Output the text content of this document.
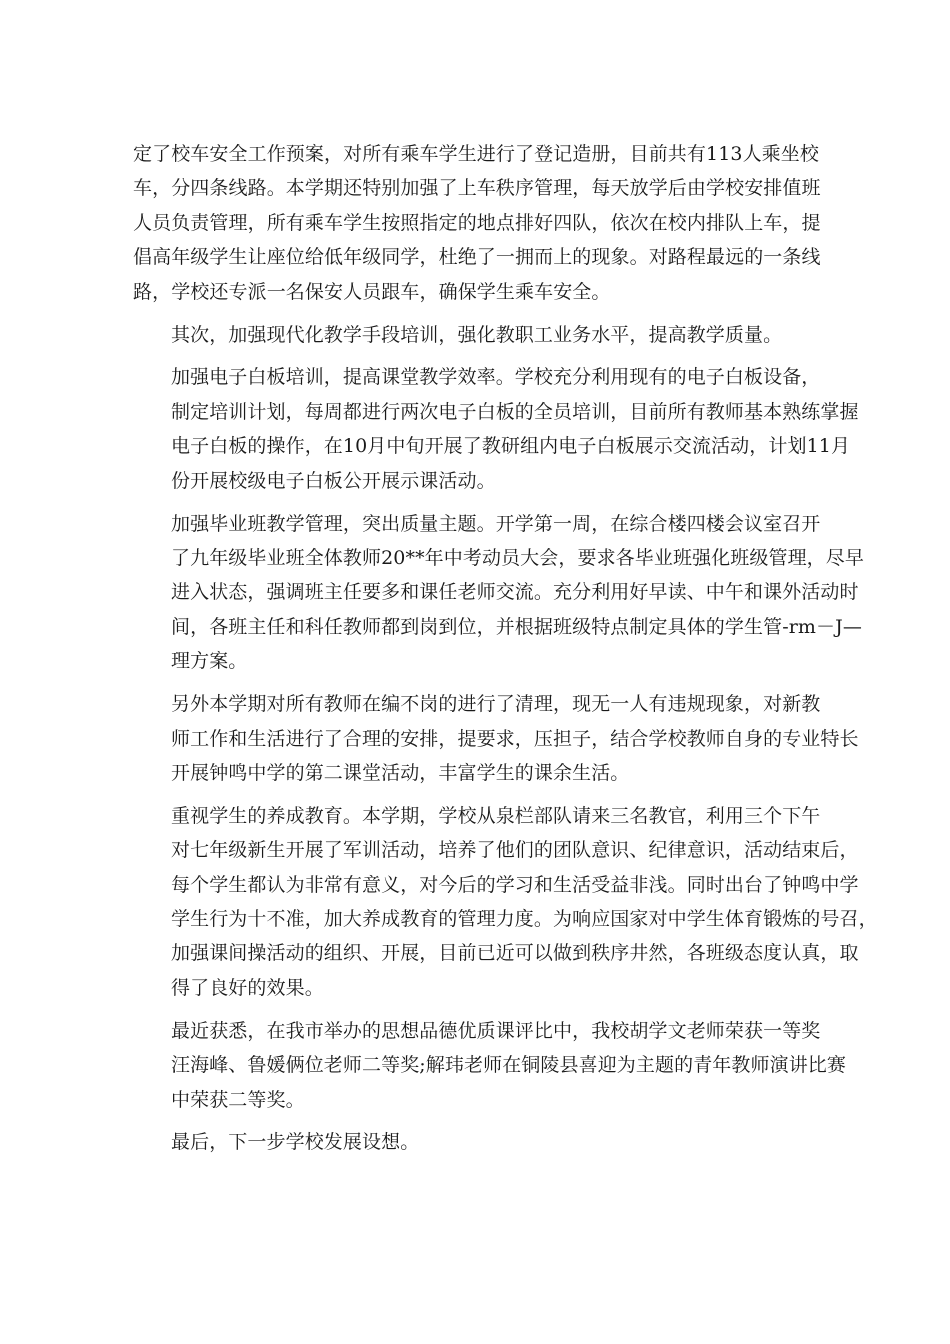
定了校车安全工作预案，对所有乘车学生进行了登记造册，目前共有113人乘坐校
车，分四条线路。本学期还特别加强了上车秩序管理，每天放学后由学校安排值班
人员负责管理，所有乘车学生按照指定的地点排好四队，依次在校内排队上车，提
倡高年级学生让座位给低年级同学，杜绝了一拥而上的现象。对路程最远的一条线
路，学校还专派一名保安人员跟车，确保学生乘车安全。

其次，加强现代化教学手段培训，强化教职工业务水平，提高教学质量。

加强电子白板培训，提高课堂教学效率。学校充分利用现有的电子白板设备，
制定培训计划，每周都进行两次电子白板的全员培训，目前所有教师基本熟练掌握
电子白板的操作，在10月中旬开展了教研组内电子白板展示交流活动，计划11月
份开展校级电子白板公开展示课活动。

加强毕业班教学管理，突出质量主题。开学第一周，在综合楼四楼会议室召开
了九年级毕业班全体教师20**年中考动员大会，要求各毕业班强化班级管理，尽早
进入状态，强调班主任要多和课任老师交流。充分利用好早读、中午和课外活动时
间，各班主任和科任教师都到岗到位，并根据班级特点制定具体的学生管-rm－J—
理方案。

另外本学期对所有教师在编不岗的进行了清理，现无一人有违规现象，对新教
师工作和生活进行了合理的安排，提要求，压担子，结合学校教师自身的专业特长
开展钟鸣中学的第二课堂活动，丰富学生的课余生活。

重视学生的养成教育。本学期，学校从泉栏部队请来三名教官，利用三个下午
对七年级新生开展了军训活动，培养了他们的团队意识、纪律意识，活动结束后，
每个学生都认为非常有意义，对今后的学习和生活受益非浅。同时出台了钟鸣中学
学生行为十不准，加大养成教育的管理力度。为响应国家对中学生体育锻炼的号召，
加强课间操活动的组织、开展，目前已近可以做到秩序井然，各班级态度认真，取
得了良好的效果。

最近获悉，在我市举办的思想品德优质课评比中，我校胡学文老师荣获一等奖
汪海峰、鲁媛俩位老师二等奖;解玮老师在铜陵县喜迎为主题的青年教师演讲比赛
中荣获二等奖。

最后，下一步学校发展设想。
